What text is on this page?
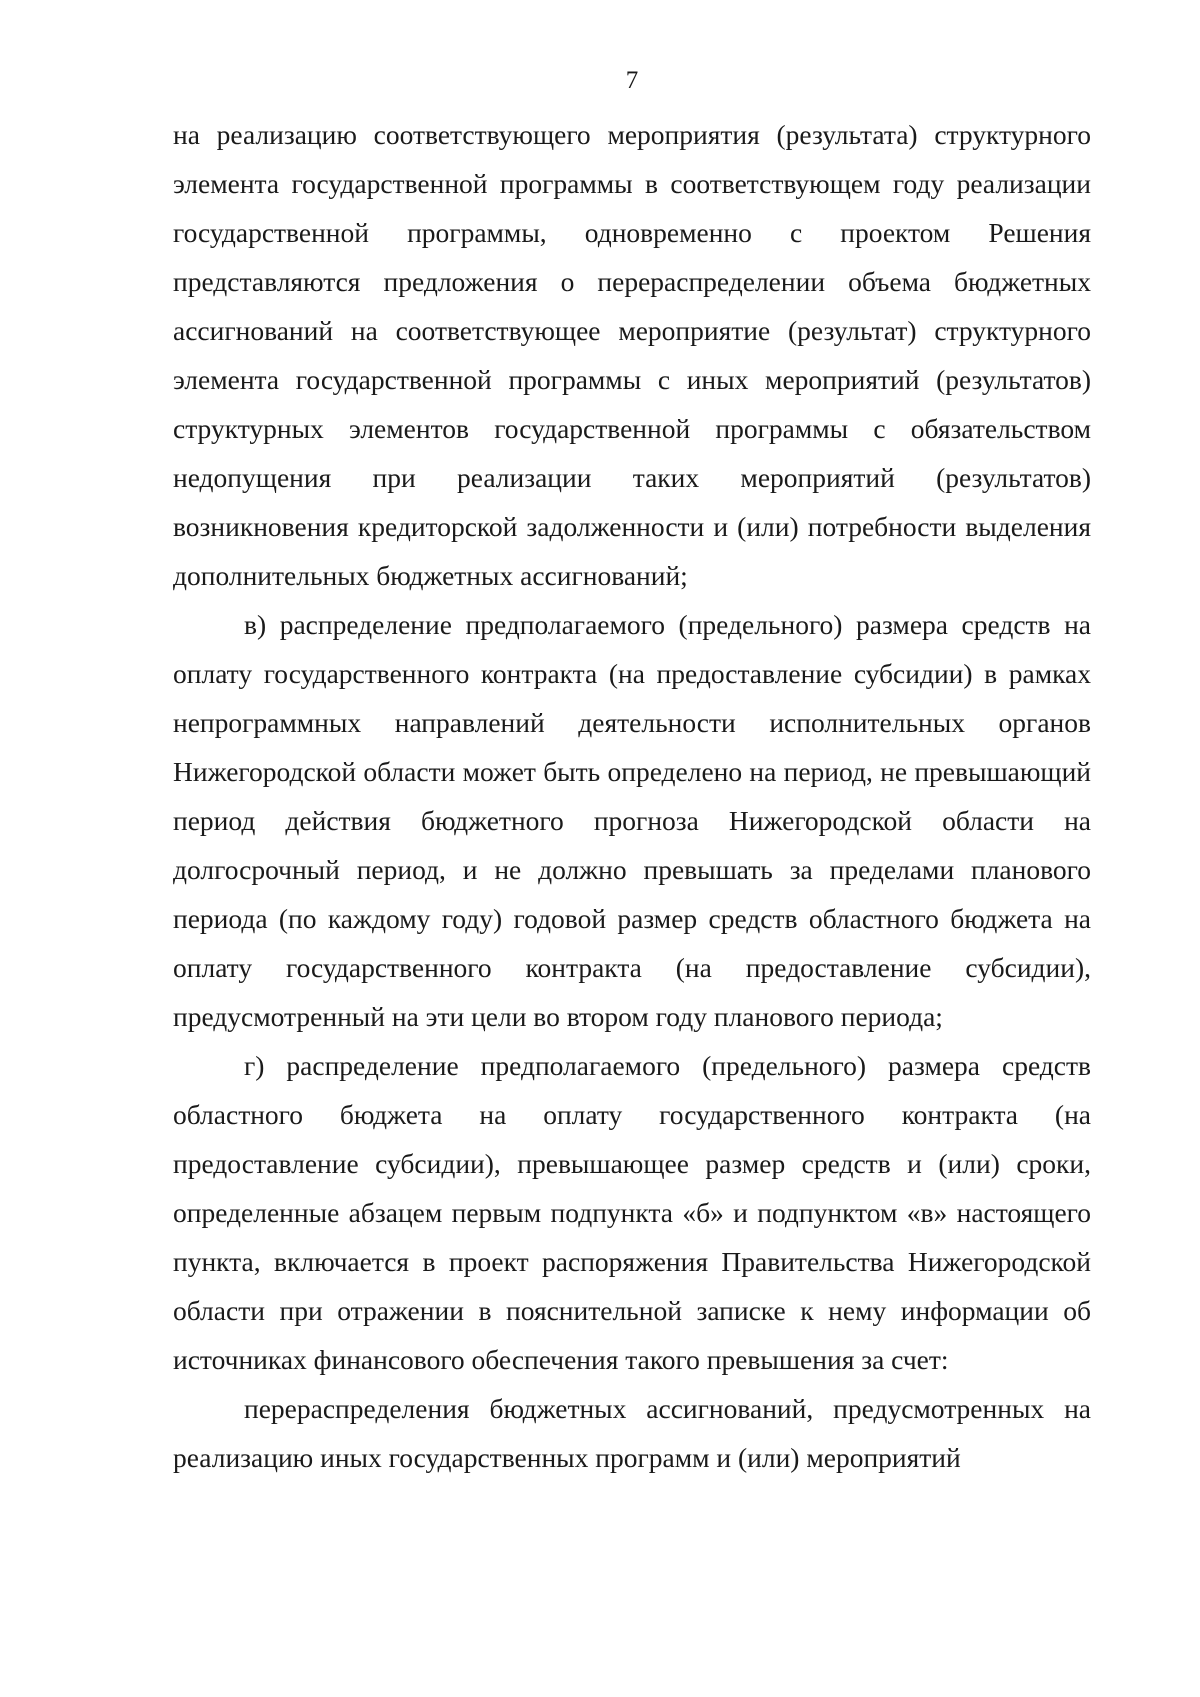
7

на реализацию соответствующего мероприятия (результата) структурного элемента государственной программы в соответствующем году реализации государственной программы, одновременно с проектом Решения представляются предложения о перераспределении объема бюджетных ассигнований на соответствующее мероприятие (результат) структурного элемента государственной программы с иных мероприятий (результатов) структурных элементов государственной программы с обязательством недопущения при реализации таких мероприятий (результатов) возникновения кредиторской задолженности и (или) потребности выделения дополнительных бюджетных ассигнований;

в) распределение предполагаемого (предельного) размера средств на оплату государственного контракта (на предоставление субсидии) в рамках непрограммных направлений деятельности исполнительных органов Нижегородской области может быть определено на период, не превышающий период действия бюджетного прогноза Нижегородской области на долгосрочный период, и не должно превышать за пределами планового периода (по каждому году) годовой размер средств областного бюджета на оплату государственного контракта (на предоставление субсидии), предусмотренный на эти цели во втором году планового периода;

г) распределение предполагаемого (предельного) размера средств областного бюджета на оплату государственного контракта (на предоставление субсидии), превышающее размер средств и (или) сроки, определенные абзацем первым подпункта «б» и подпунктом «в» настоящего пункта, включается в проект распоряжения Правительства Нижегородской области при отражении в пояснительной записке к нему информации об источниках финансового обеспечения такого превышения за счет:

перераспределения бюджетных ассигнований, предусмотренных на реализацию иных государственных программ и (или) мероприятий
